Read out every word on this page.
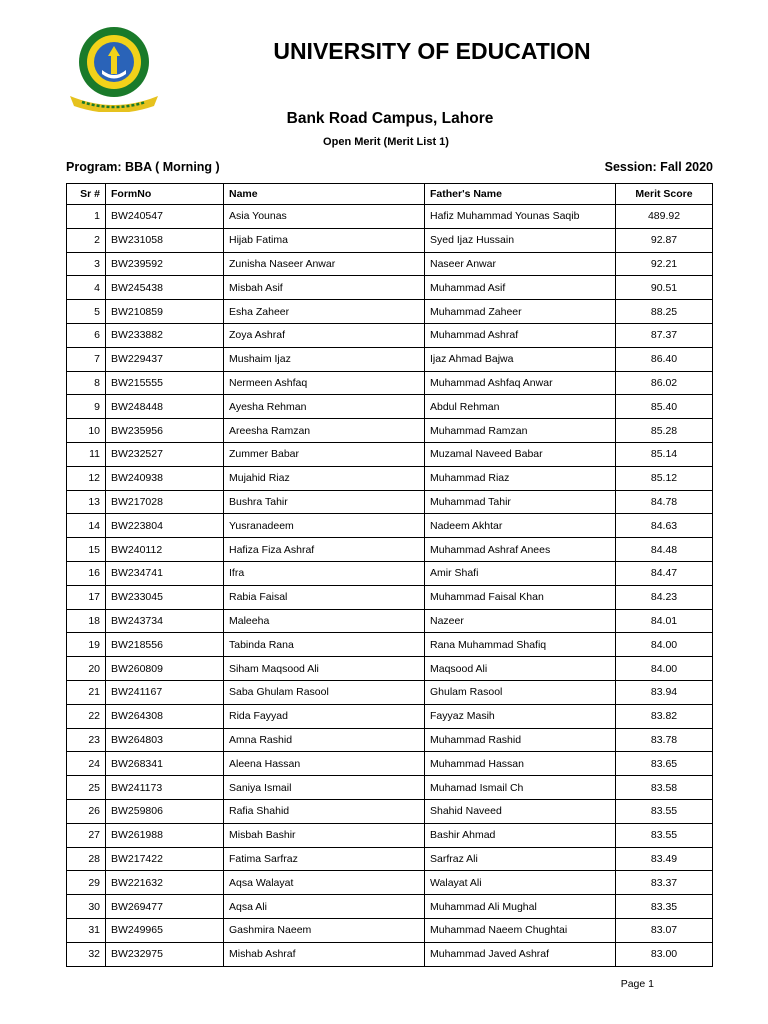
UNIVERSITY OF EDUCATION
Bank Road Campus, Lahore
Open Merit (Merit List 1)
Program: BBA ( Morning )	Session: Fall 2020
Sr #	FormNo	Name	Father's Name	Merit Score
1	BW240547	Asia Younas	Hafiz Muhammad Younas Saqib	489.92
2	BW231058	Hijab Fatima	Syed Ijaz Hussain	92.87
3	BW239592	Zunisha Naseer Anwar	Naseer Anwar	92.21
4	BW245438	Misbah Asif	Muhammad Asif	90.51
5	BW210859	Esha Zaheer	Muhammad Zaheer	88.25
6	BW233882	Zoya Ashraf	Muhammad Ashraf	87.37
7	BW229437	Mushaim Ijaz	Ijaz Ahmad Bajwa	86.40
8	BW215555	Nermeen Ashfaq	Muhammad Ashfaq Anwar	86.02
9	BW248448	Ayesha Rehman	Abdul Rehman	85.40
10	BW235956	Areesha Ramzan	Muhammad Ramzan	85.28
11	BW232527	Zummer Babar	Muzamal Naveed Babar	85.14
12	BW240938	Mujahid Riaz	Muhammad Riaz	85.12
13	BW217028	Bushra Tahir	Muhammad Tahir	84.78
14	BW223804	Yusranadeem	Nadeem Akhtar	84.63
15	BW240112	Hafiza Fiza Ashraf	Muhammad Ashraf Anees	84.48
16	BW234741	Ifra	Amir Shafi	84.47
17	BW233045	Rabia Faisal	Muhammad Faisal Khan	84.23
18	BW243734	Maleeha	Nazeer	84.01
19	BW218556	Tabinda Rana	Rana Muhammad Shafiq	84.00
20	BW260809	Siham Maqsood Ali	Maqsood Ali	84.00
21	BW241167	Saba Ghulam Rasool	Ghulam Rasool	83.94
22	BW264308	Rida Fayyad	Fayyaz Masih	83.82
23	BW264803	Amna Rashid	Muhammad Rashid	83.78
24	BW268341	Aleena Hassan	Muhammad Hassan	83.65
25	BW241173	Saniya Ismail	Muhamad Ismail Ch	83.58
26	BW259806	Rafia Shahid	Shahid Naveed	83.55
27	BW261988	Misbah Bashir	Bashir Ahmad	83.55
28	BW217422	Fatima Sarfraz	Sarfraz Ali	83.49
29	BW221632	Aqsa Walayat	Walayat Ali	83.37
30	BW269477	Aqsa Ali	Muhammad Ali Mughal	83.35
31	BW249965	Gashmira Naeem	Muhammad Naeem Chughtai	83.07
32	BW232975	Mishab Ashraf	Muhammad Javed Ashraf	83.00
Page 1
